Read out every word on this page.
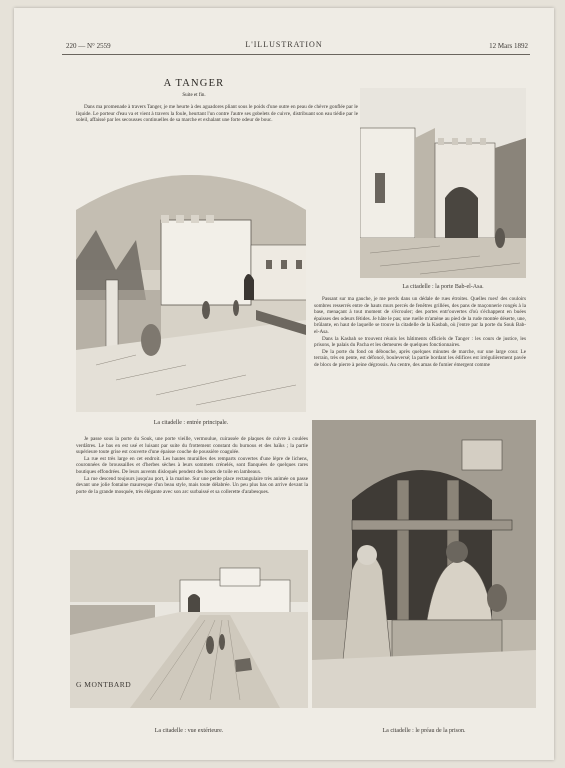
220 — N° 2559	L'ILLUSTRATION	12 Mars 1892
A TANGER
Suite et fin.

Dans ma promenade à travers Tanger, je me heurte à des aguadores pliant sous le poids d'une outre en peau de chèvre gonflée par le liquide. Le porteur d'eau va et vient à travers la foule, heurtant l'un contre l'autre ses gobelets de cuivre, distribuant son eau tiédie par le soleil, affaissé par les secousses continuelles de sa marche et exhalant une forte odeur de bouc.

La citadelle : entrée principale.
La citadelle : la porte Bab-el-Asa.

Passant sur ma gauche, je me perds dans un dédale de rues étroites. Quelles rues! des couloirs sombres resserrés entre de hauts murs percés de fenêtres grillées, des pans de maçonnerie rongés à la base, menaçant à tout moment de s'écrouler; des portes entr'ouvertes d'où s'échappent en buées épaisses des odeurs fétides. Je hâte le pas; une ruelle m'amène au pied de la rude montée déserte, une, brûlante, en haut de laquelle se trouve la citadelle de la Kasbah, où j'entre par la porte du Souk Bab-el-Asa.

Dans la Kasbah se trouvent réunis les bâtiments officiels de Tanger : les cours de justice, les prisons, le palais du Pacha et les demeures de quelques fonctionnaires.

De la porte du fond on débouche, après quelques minutes de marche, sur une large cour. Le terrain, très en pente, est défoncé, bouleversé; la partie bordant les édifices est irrégulièrement pavée de blocs de pierre à peine dégrossis. Au centre, des amas de fumier émergent comme

Je passe sous la porte du Souk, une porte vieille, vermoulue, cuirassée de plaques de cuivre à coulées verdâtres. Le bas en est usé et luisant par suite du frottement constant du burnous et des haïks ; la partie supérieure toute grise est couverte d'une épaisse couche de poussière coagulée.

La rue est très large en cet endroit. Les hautes murailles des remparts couvertes d'une lèpre de lichens, couronnées de broussailles et d'herbes sèches à leurs sommets crénelés, sont flanquées de quelques rares boutiques effondrées. De leurs auvents disloqués pendent des bouts de toile en lambeaux.

La rue descend toujours jusqu'au port, à la marine. Sur une petite place rectangulaire très animée on passe devant une jolie fontaine mauresque d'un beau style, mais toute délabrée. Un peu plus bas on arrive devant la porte de la grande mosquée, très élégante avec son arc surbaissé et sa collerette d'arabesques.

G MONTBARD
La citadelle : vue extérieure.	La citadelle : le préau de la prison.
